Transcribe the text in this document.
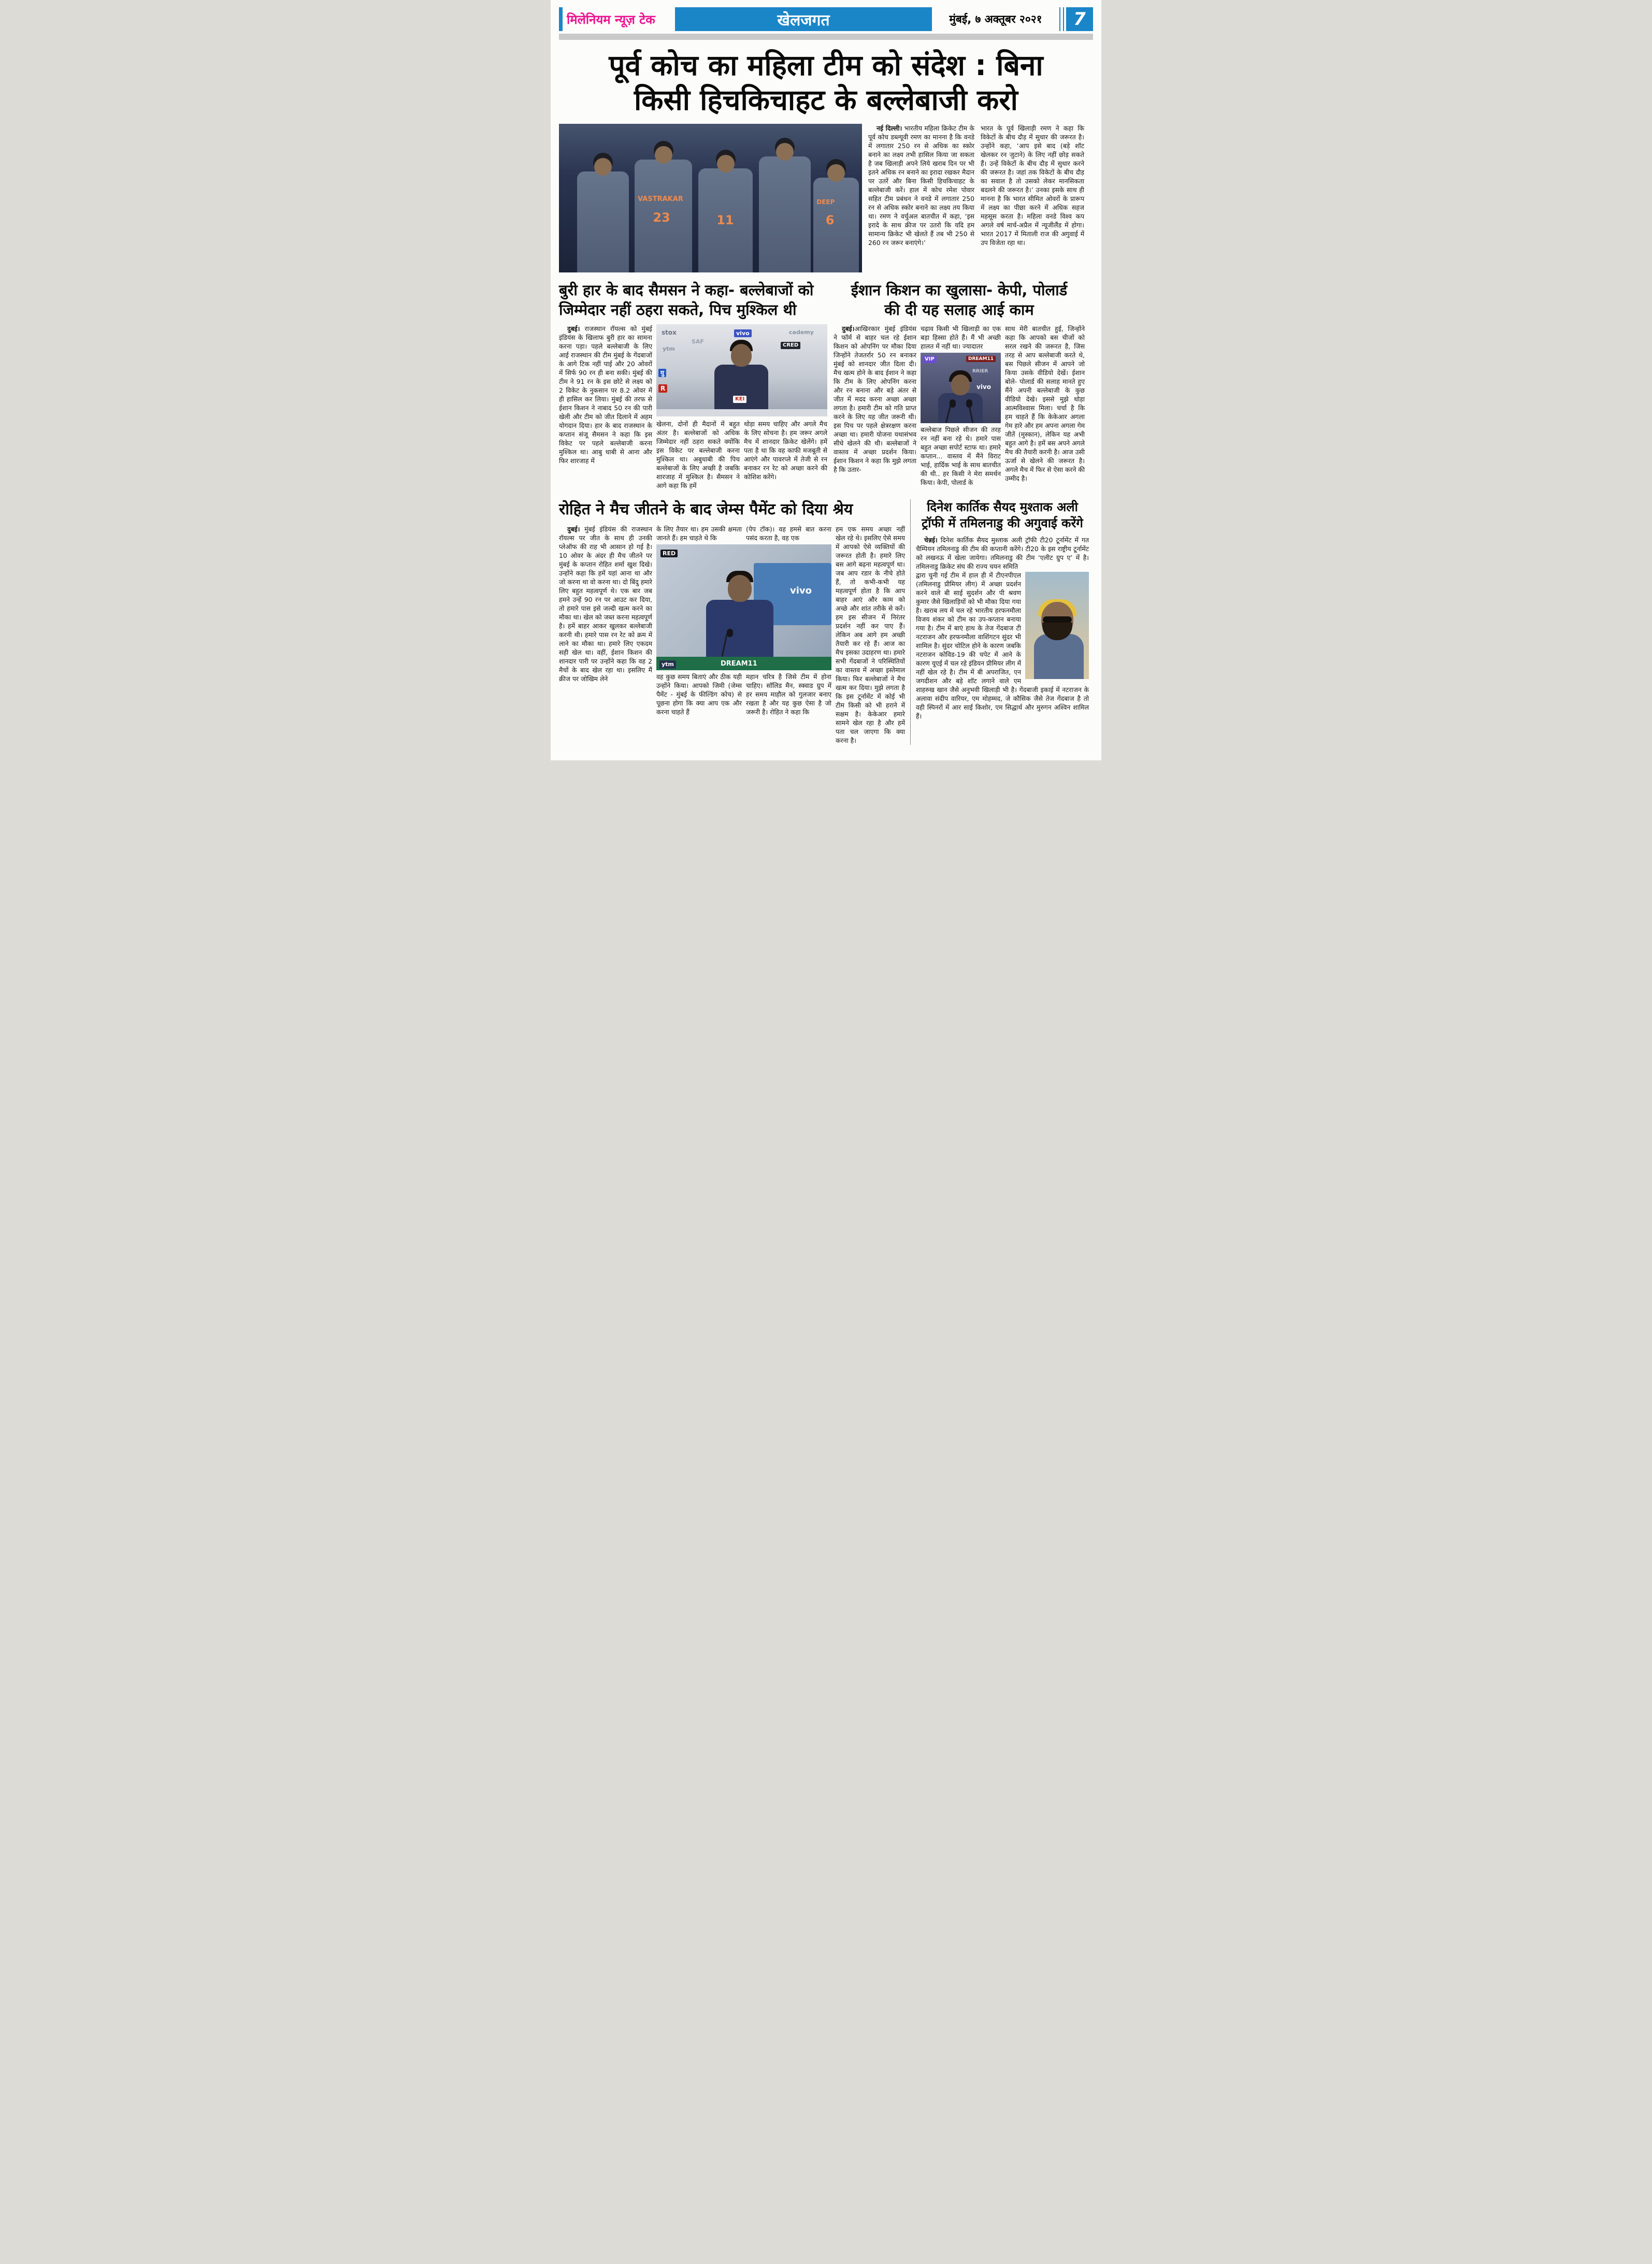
मिलेनियम न्यूज़ टेक	खेलजगत	मुंबई, ७ अक्तूबर २०२१	7
पूर्व कोच का महिला टीम को संदेश : बिना
किसी हिचकिचाहट के बल्लेबाजी करो
VASTRAKAR
23	11
DEEP
6

नई दिल्ली। भारतीय महिला क्रिकेट टीम के पूर्व कोच डब्ल्यूवी रमण का मानना है कि वनडे में लगातार 250 रन से अधिक का स्कोर बनाने का लक्ष्य तभी हासिल किया जा सकता है जब खिलाड़ी अपने लिये खराब दिन पर भी इतने अधिक रन बनाने का इरादा रखकर मैदान पर उतरें और बिना किसी हिचकिचाहट के बल्लेबाजी करें। हाल में कोच रमेश पोवार सहित टीम प्रबंधन ने वनडे में लगातार 250 रन से अधिक स्कोर बनाने का लक्ष्य तय किया था। रमण ने वर्चुअल बातचीत में कहा, ‘इस इरादे के साथ क्रीज पर उतरो कि यदि हम सामान्य क्रिकेट भी खेलते हैं तब भी 250 से 260 रन जरूर बनाएंगे।’

भारत के पूर्व खिलाड़ी रमण ने कहा कि विकेटों के बीच दौड़ में सुधार की जरूरत है। उन्होंने कहा, ‘आप इसे बाद (बड़े शॉट खेलकर रन जुटाने) के लिए नहीं छोड़ सकते हैं। उन्हें विकेटों के बीच दौड़ में सुधार करने की जरूरत है। जहां तक विकेटों के बीच दौड़ का सवाल है तो उसको लेकर मानसिकता बदलने की जरूरत है।’ उनका इसके साथ ही मानना है कि भारत सीमित ओवरों के प्रारूप में लक्ष्य का पीछा करने में अधिक सहज महसूस करता है। महिला वनडे विश्व कप अगले वर्ष मार्च-अप्रैल में न्यूजीलैंड में होगा। भारत 2017 में मिताली राज की अगुवाई में उप विजेता रहा था।

बुरी हार के बाद सैमसन ने कहा- बल्लेबाजों को
जिम्मेदार नहीं ठहरा सकते, पिच मुश्किल थी

दुबई। राजस्थान रॉयल्स को मुंबई इंडियंस के खिलाफ बुरी हार का सामना करना पड़ा। पहले बल्लेबाजी के लिए आई राजस्थान की टीम मुंबई के गेंदबाजों के आगे टिक नहीं पाई और 20 ओवरों में सिर्फ 90 रन ही बना सकी। मुंबई की टीम ने 91 रन के इस छोटे से लक्ष्य को 2 विकेट के नुकसान पर 8.2 ओवर में ही हासिल कर लिया। मुंबई की तरफ से ईशान किशन ने नाबाद 50 रन की पारी खेली और टीम को जीत दिलाने में अहम योगदान दिया। हार के बाद राजस्थान के कप्तान संजू सैमसन ने कहा कि इस विकेट पर पहले बल्लेबाजी करना मुश्किल था। आबु धाबी से आना और फिर शारजाह में

stox	vivo
CRED
cademy
ytm
SAF
यु
R
KEI

खेलना, दोनों ही मैदानों में बहुत अंतर है। बल्लेबाजों को अधिक जिम्मेदार नहीं ठहरा सकते क्योंकि इस विकेट पर बल्लेबाजी करना मुश्किल था। अबुधाबी की पिच बल्लेबाजों के लिए अच्छी है जबकि शारजाह में मुश्किल है। सैमसन ने आगे कहा कि हमें

थोड़ा समय चाहिए और अगले मैच के लिए सोचना है। हम जरूर अगले मैच में शानदार क्रिकेट खेलेंगे। हमें पता है था कि वह काफी मजबूती से आएंगे और पावरप्ले में तेजी से रन बनाकर रन रेट को अच्छा करने की कोशिश करेंगे।

ईशान किशन का खुलासा- केपी, पोलार्ड
की दी यह सलाह आई काम

दुबई।आखिरकार मुंबई इंडियंस ने फॉर्म से बाहर चल रहे ईशान किशन को ओपनिंग पर मौका दिया जिन्होंने तेजतर्रार 50 रन बनाकर मुंबई को शानदार जीत दिला दी। मैच खत्म होने के बाद ईशान ने कहा कि टीम के लिए ओपनिंग करना और रन बनाना और बड़े अंतर से जीत में मदद करना अच्छा अच्छा लगता है। हमारी टीम को गति प्राप्त करने के लिए यह जीत जरूरी थी। इस पिच पर पहले क्षेत्ररक्षण करना अच्छा था। हमारी योजना यथासंभव सीधे खेलने की थी। बल्लेबाजों ने वास्तव में अच्छा प्रदर्शन किया। ईशान किशन ने कहा कि मुझे लगता है कि उतार-

चढ़ाव किसी भी खिलाड़ी का एक बड़ा हिस्सा होते हैं। मैं भी अच्छी हालत में नहीं था। ज्यादातर

VIP	DREAM11
RRIER
vivo

बल्लेबाज पिछले सीजन की तरह रन नहीं बना रहे थे। हमारे पास बहुत अच्छा सपोर्ट स्टाफ था। हमारे कप्तान... वास्तव में मैंने विराट भाई, हार्दिक भाई के साथ बातचीत की थी.. हर किसी ने मेरा समर्थन किया। केपी, पोलार्ड के

साथ मेरी बातचीत हुई, जिन्होंने कहा कि आपको बस चीजों को सरल रखने की जरूरत है, जिस तरह से आप बल्लेबाजी करते थे, बस पिछले सीजन में आपने जो किया उसके वीडियो देखें। ईशान बोले- पोलार्ड की सलाह मानते हुए मैंने अपनी बल्लेबाजी के कुछ वीडियो देखे। इससे मुझे थोड़ा आत्मविश्वास मिला। चर्चा है कि हम चाहते हैं कि केकेआर अगला गेम हारे और हम अपना अगला गेम जीतें (मुस्कान), लेकिन यह अभी बहुत आगे है। हमें बस अपने अगले मैच की तैयारी करनी है। आज उसी ऊर्जा से खेलने की जरूरत है। अगले मैच में फिर से ऐसा करने की उम्मीद है।

रोहित ने मैच जीतने के बाद जेम्स पैमेंट को दिया श्रेय

दुबई। मुंबई इंडियंस की राजस्थान रॉयल्स पर जीत के साथ ही उनकी प्लेऑफ की राह भी आसान हो गई है। 10 ओवर के अंदर ही मैच जीतने पर मुंबई के कप्तान रोहित शर्मा खुश दिखे। उन्होंने कहा कि हमें यहां आना था और जो करना था वो करना था। दो बिंदु हमारे लिए बहुत महत्वपूर्ण थे। एक बार जब हमने उन्हें 90 रन पर आउट कर दिया, तो हमारे पास इसे जल्दी खत्म करने का मौका था। खेल को जब्त करना महत्वपूर्ण है। हमें बाहर आकर खुलकर बल्लेबाजी करनी थी। हमारे पास रन रेट को क्रम में लाने का मौका था। हमारे लिए एकदम सही खेल था। वहीं, ईशान किशन की शानदार पारी पर उन्होंने कहा कि वह 2 मैचों के बाद खेल रहा था। इसलिए मैं क्रीज पर जोखिम लेने

के लिए तैयार था। हम उसकी क्षमता जानते हैं। हम चाहते थे कि

(पेप टॉक)। वह हमसे बात करना पसंद करता है, वह एक

RED
vivo
DREAM11
ytm

वह कुछ समय बिताएं और ठीक यही उन्होंने किया। आपको जिमी (जेम्स पैमेंट - मुंबई के फील्डिंग कोच) से पूछना होगा कि क्या आप एक और करना चाहते हैं

महान चरित्र है जिसे टीम में होना चाहिए। सॉलिड मैन, स्क्वाड ग्रुप में हर समय माहौल को गुलजार बनाए रखता है और यह कुछ ऐसा है जो जरूरी है। रोहित ने कहा कि

हम एक समय अच्छा नहीं खेल रहे थे। इसलिए ऐसे समय में आपको ऐसे व्यक्तियों की जरूरत होती है। हमारे लिए बस आगे बढ़ना महत्वपूर्ण था। जब आप रडार के नीचे होते हैं, तो कभी-कभी यह महत्वपूर्ण होता है कि आप बाहर आएं और काम को अच्छे और शांत तरीके से करें। हम इस सीजन में निरंतर प्रदर्शन नहीं कर पाए हैं। लेकिन अब आगे हम अच्छी तैयारी कर रहे हैं। आज का मैच इसका उदाहरण था। हमारे सभी गेंदबाजों ने परिस्थितियों का वास्तव में अच्छा इस्तेमाल किया। फिर बल्लेबाजों ने मैच खत्म कर दिया। मुझे लगता है कि इस टूर्नामेंट में कोई भी टीम किसी को भी हराने में सक्षम है। केकेआर हमारे सामने खेल रहा है और हमें पता चल जाएगा कि क्या करना है।

दिनेश कार्तिक सैयद मुश्ताक अली
ट्रॉफी में तमिलनाडु की अगुवाई करेंगे

चेन्नई। दिनेश कार्तिक सैयद मुश्ताक अली ट्रॉफी टी20 टूर्नामेंट में गत चैम्पियन तमिलनाडु की टीम की कप्तानी करेंगे। टी20 के इस राष्ट्रीय टूर्नामेंट को लखनऊ में खेला जायेगा। तमिलनाडु की टीम ‘एलीट ग्रुप ए’ में है। तमिलनाडु क्रिकेट संघ की राज्य चयन समिति

द्वारा चुनी गई टीम में हाल ही में टीएनपीएल (तमिलनाडु प्रीमियर लीग) में अच्छा प्रदर्शन करने वाले बी साई सुदर्शन और पी श्रवण कुमार जैसे खिलाड़ियों को भी मौका दिया गया है। खराब लय में चल रहे भारतीय हरफनमौला विजय शंकर को टीम का उप-कप्तान बनाया गया है। टीम में बाएं हाथ के तेज गेंदबाज टी नटराजन और हरफनमौला वाशिंगटन सुंदर भी शामिल है। सुंदर चोटिल होने के कारण जबकि नटराजन कोविड-19 की चपेट में आने के कारण यूएई में चल रहे इंडियन प्रीमियर लीग में नहीं खेल रहे है। टीम में बी अपराजित, एन जगदीशन और बड़े शॉट लगाने वाले एम शाहरुख खान जैसे अनुभवी खिलाड़ी भी है। गेंदबाजी इकाई में नटराजन के अलावा संदीप वारियर, एम मोहम्मद, जे कौसिक जैसे तेज गेंदबाज है तो वही स्पिनरों में आर साई किशोर, एम सिद्धार्थ और मुरुगन अश्विन शामिल हैं।
